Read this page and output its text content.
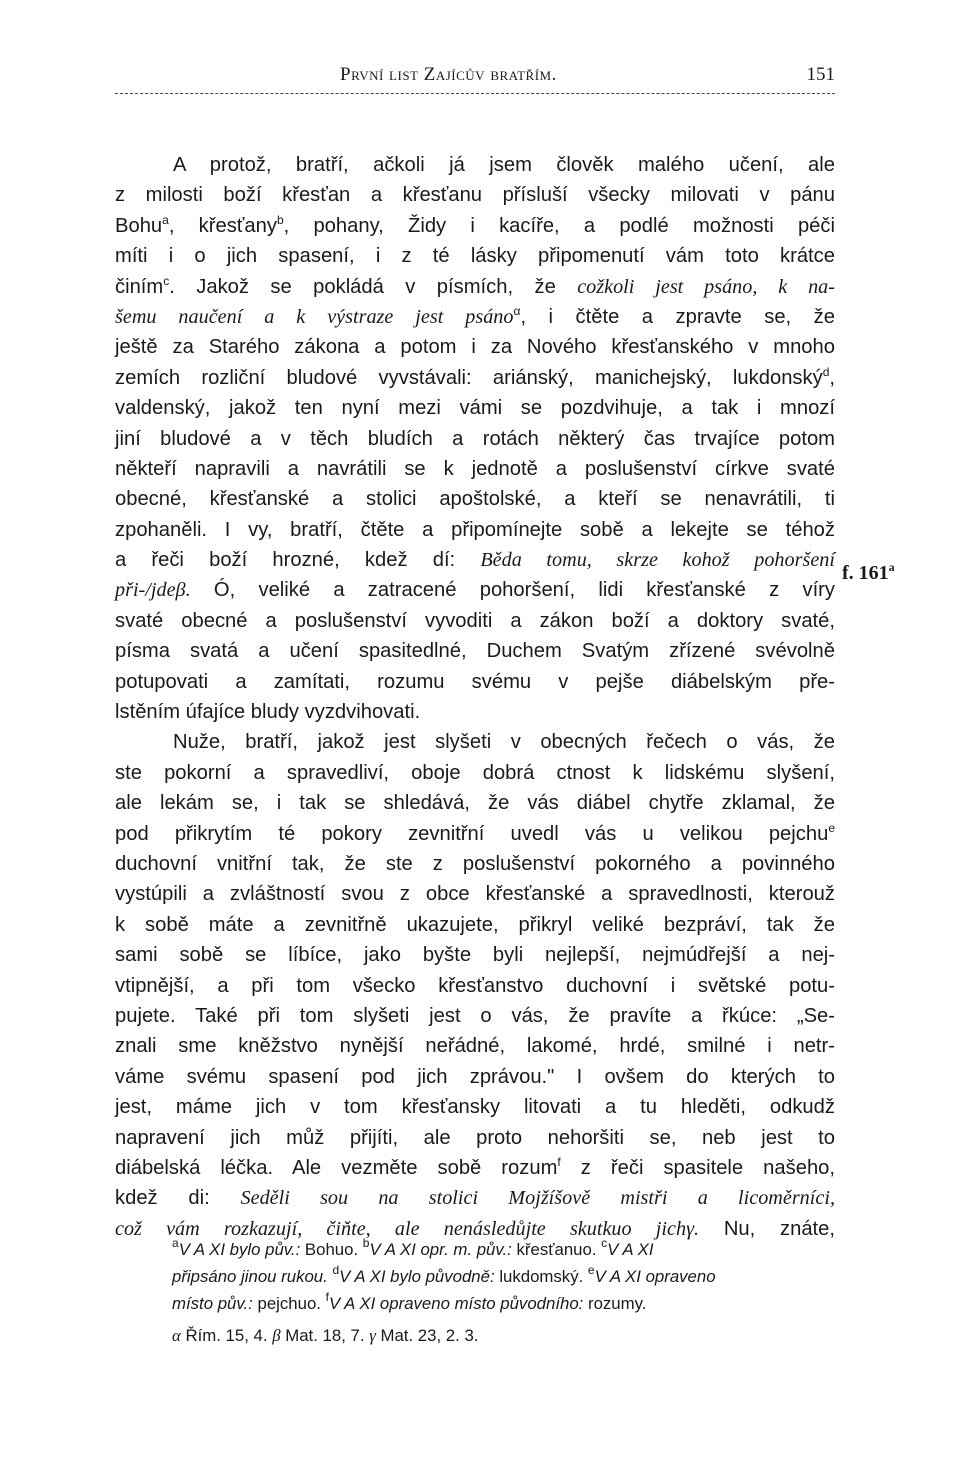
První list Zajícův bratřím.	151
f. 161$^a$
A protož, bratří, ačkoli já jsem člověk malého učení, ale
z milosti boží křesťan a křesťanu přísluší všecky milovati v pánu
Bohu$^a$, křesťany$^b$, pohany, Židy i kacíře, a podlé možnosti péči
míti i o jich spasení, i z té lásky připomenutí vám toto krátce
činím$^c$. Jakož se pokládá v písmích, že cožkoli jest psáno, k na-
šemu naučení a k výstraze jest psáno$^\alpha$, i čtěte a zpravte se, že
ještě za Starého zákona a potom i za Nového křesťanského v mnoho
zemích rozliční bludové vyvstávali: ariánský, manichejský, lukdonský$^d$,
valdenský, jakož ten nyní mezi vámi se pozdvihuje, a tak i mnozí
jiní bludové a v těch bludích a rotách některý čas trvajíce potom
někteří napravili a navrátili se k jednotě a poslušenství církve svaté
obecné, křesťanské a stolici apoštolské, a kteří se nenavrátili, ti
zpohaněli. I vy, bratří, čtěte a připomínejte sobě a lekejte se téhož
a řeči boží hrozné, kdež dí: Běda tomu, skrze kohož pohoršení
při-/jdeβ. Ó, veliké a zatracené pohoršení, lidi křesťanské z víry
svaté obecné a poslušenství vyvoditi a zákon boží a doktory svaté,
písma svatá a učení spasitedlné, Duchem Svatým zřízené svévolně
potupovati a zamítati, rozumu svému v pejše diábelským pře-
lstěním úfajíce bludy vyzdvihovati.
Nuže, bratří, jakož jest slyšeti v obecných řečech o vás, že
ste pokorní a spravedliví, oboje dobrá ctnost k lidskému slyšení,
ale lekám se, i tak se shledává, že vás diábel chytře zklamal, že
pod přikrytím té pokory zevnitřní uvedl vás u velikou pejchu$^e$
duchovní vnitřní tak, že ste z poslušenství pokorného a povinného
vystúpili a zvláštností svou z obce křesťanské a spravedlnosti, kterouž
k sobě máte a zevnitřně ukazujete, přikryl veliké bezpráví, tak že
sami sobě se líbíce, jako byšte byli nejlepší, nejmúdřejší a nej-
vtipnější, a při tom všecko křesťanstvo duchovní i světské potu-
pujete. Také při tom slyšeti jest o vás, že pravíte a řkúce: „Se-
znali sme kněžstvo nynější neřádné, lakomé, hrdé, smilné i netr-
váme svému spasení pod jich zprávou." I ovšem do kterých to
jest, máme jich v tom křesťansky litovati a tu hleděti, odkudž
napravení jich můž přijíti, ale proto nehoršiti se, neb jest to
diábelská léčka. Ale vezměte sobě rozum$^f$ z řeči spasitele našeho,
kdež di: Seděli sou na stolici Mojžíšově mistři a licoměrníci,
což vám rozkazují, čiňte, ale nenásledůjte skutkuo jichγ. Nu, znáte,
$^a$V A XI bylo pův.: Bohuo. $^b$V A XI opr. m. pův.: křesťanuo. $^c$V A XI
připsáno jinou rukou. $^d$V A XI bylo původně: lukdomský. $^e$V A XI opraveno
místo pův.: pejchuo. $^f$V A XI opraveno místo původního: rozumy.
α Řím. 15, 4. β Mat. 18, 7. γ Mat. 23, 2. 3.
